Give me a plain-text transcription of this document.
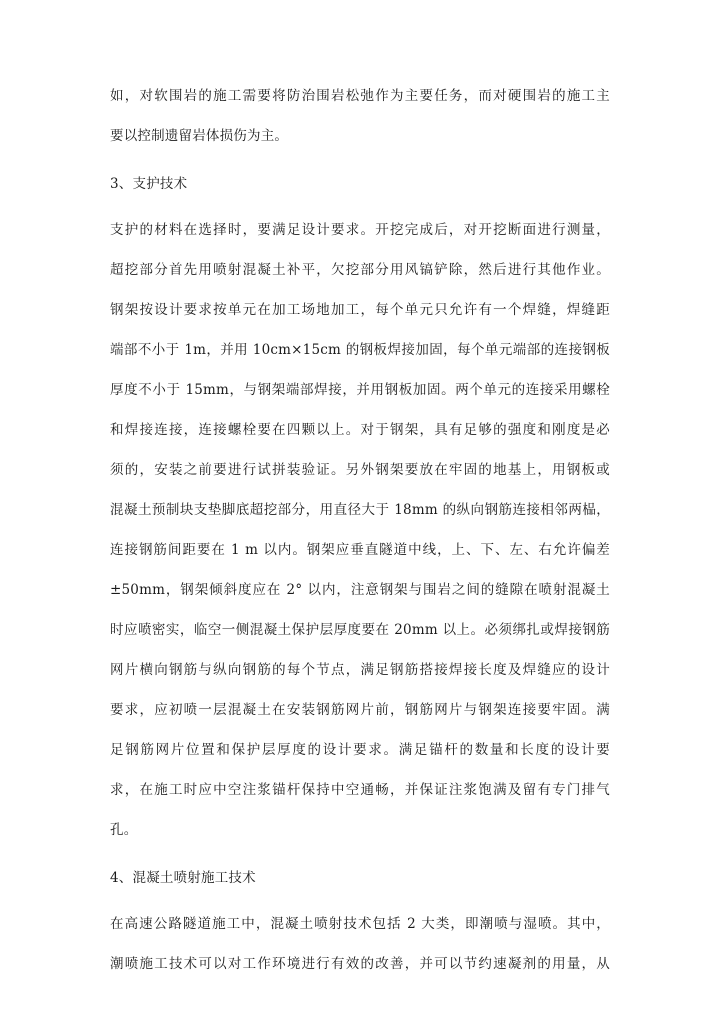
如，对软围岩的施工需要将防治围岩松弛作为主要任务，而对硬围岩的施工主
要以控制遗留岩体损伤为主。
3、支护技术
支护的材料在选择时，要满足设计要求。开挖完成后，对开挖断面进行测量，
超挖部分首先用喷射混凝土补平，欠挖部分用风镐铲除，然后进行其他作业。
钢架按设计要求按单元在加工场地加工，每个单元只允许有一个焊缝，焊缝距
端部不小于 1m，并用 10cm×15cm 的钢板焊接加固，每个单元端部的连接钢板
厚度不小于 15mm，与钢架端部焊接，并用钢板加固。两个单元的连接采用螺栓
和焊接连接，连接螺栓要在四颗以上。对于钢架，具有足够的强度和刚度是必
须的，安装之前要进行试拼装验证。另外钢架要放在牢固的地基上，用钢板或
混凝土预制块支垫脚底超挖部分，用直径大于 18mm 的纵向钢筋连接相邻两榀，
连接钢筋间距要在 1 m 以内。钢架应垂直隧道中线，上、下、左、右允许偏差
±50mm，钢架倾斜度应在 2° 以内，注意钢架与围岩之间的缝隙在喷射混凝土
时应喷密实，临空一侧混凝土保护层厚度要在 20mm 以上。必须绑扎或焊接钢筋
网片横向钢筋与纵向钢筋的每个节点，满足钢筋搭接焊接长度及焊缝应的设计
要求，应初喷一层混凝土在安装钢筋网片前，钢筋网片与钢架连接要牢固。满
足钢筋网片位置和保护层厚度的设计要求。满足锚杆的数量和长度的设计要
求，在施工时应中空注浆锚杆保持中空通畅，并保证注浆饱满及留有专门排气
孔。
4、混凝土喷射施工技术
在高速公路隧道施工中，混凝土喷射技术包括 2 大类，即潮喷与湿喷。其中，
潮喷施工技术可以对工作环境进行有效的改善，并可以节约速凝剂的用量，从
